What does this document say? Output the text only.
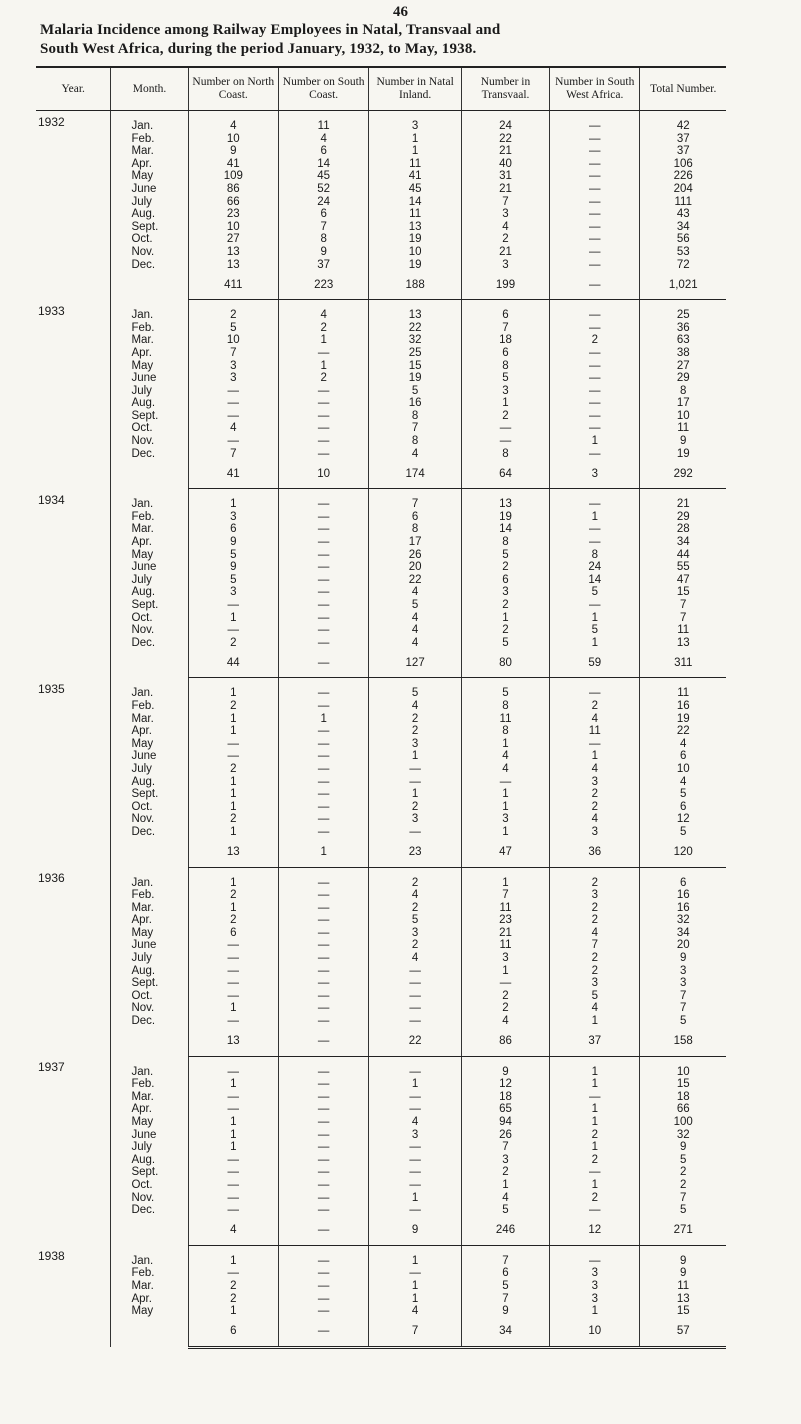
46
Malaria Incidence among Railway Employees in Natal, Transvaal and
South West Africa, during the period January, 1932, to May, 1938.
Year.	Month.	Number on North Coast.	Number on South Coast.	Number in Natal Inland.	Number in Transvaal.	Number in South West Africa.	Total Number.
1932							
	Jan.	4	11	3	24	—	42
	Feb.	10	4	1	22	—	37
	Mar.	9	6	1	21	—	37
	Apr.	41	14	11	40	—	106
	May	109	45	41	31	—	226
	June	86	52	45	21	—	204
	July	66	24	14	7	—	111
	Aug.	23	6	11	3	—	43
	Sept.	10	7	13	4	—	34
	Oct.	27	8	19	2	—	56
	Nov.	13	9	10	21	—	53
	Dec.	13	37	19	3	—	72
		411	223	188	199	—	1,021
1933							
	Jan.	2	4	13	6	—	25
	Feb.	5	2	22	7	—	36
	Mar.	10	1	32	18	2	63
	Apr.	7	—	25	6	—	38
	May	3	1	15	8	—	27
	June	3	2	19	5	—	29
	July	—	—	5	3	—	8
	Aug.	—	—	16	1	—	17
	Sept.	—	—	8	2	—	10
	Oct.	4	—	7	—	—	11
	Nov.	—	—	8	—	1	9
	Dec.	7	—	4	8	—	19
		41	10	174	64	3	292
1934							
	Jan.	1	—	7	13	—	21
	Feb.	3	—	6	19	1	29
	Mar.	6	—	8	14	—	28
	Apr.	9	—	17	8	—	34
	May	5	—	26	5	8	44
	June	9	—	20	2	24	55
	July	5	—	22	6	14	47
	Aug.	3	—	4	3	5	15
	Sept.	—	—	5	2	—	7
	Oct.	1	—	4	1	1	7
	Nov.	—	—	4	2	5	11
	Dec.	2	—	4	5	1	13
		44	—	127	80	59	311
1935							
	Jan.	1	—	5	5	—	11
	Feb.	2	—	4	8	2	16
	Mar.	1	1	2	11	4	19
	Apr.	1	—	2	8	11	22
	May	—	—	3	1	—	4
	June	—	—	1	4	1	6
	July	2	—	—	4	4	10
	Aug.	1	—	—	—	3	4
	Sept.	1	—	1	1	2	5
	Oct.	1	—	2	1	2	6
	Nov.	2	—	3	3	4	12
	Dec.	1	—	—	1	3	5
		13	1	23	47	36	120
1936							
	Jan.	1	—	2	1	2	6
	Feb.	2	—	4	7	3	16
	Mar.	1	—	2	11	2	16
	Apr.	2	—	5	23	2	32
	May	6	—	3	21	4	34
	June	—	—	2	11	7	20
	July	—	—	4	3	2	9
	Aug.	—	—	—	1	2	3
	Sept.	—	—	—	—	3	3
	Oct.	—	—	—	2	5	7
	Nov.	1	—	—	2	4	7
	Dec.	—	—	—	4	1	5
		13	—	22	86	37	158
1937							
	Jan.	—	—	—	9	1	10
	Feb.	1	—	1	12	1	15
	Mar.	—	—	—	18	—	18
	Apr.	—	—	—	65	1	66
	May	1	—	4	94	1	100
	June	1	—	3	26	2	32
	July	1	—	—	7	1	9
	Aug.	—	—	—	3	2	5
	Sept.	—	—	—	2	—	2
	Oct.	—	—	—	1	1	2
	Nov.	—	—	1	4	2	7
	Dec.	—	—	—	5	—	5
		4	—	9	246	12	271
1938							
	Jan.	1	—	1	7	—	9
	Feb.	—	—	—	6	3	9
	Mar.	2	—	1	5	3	11
	Apr.	2	—	1	7	3	13
	May	1	—	4	9	1	15
		6	—	7	34	10	57
